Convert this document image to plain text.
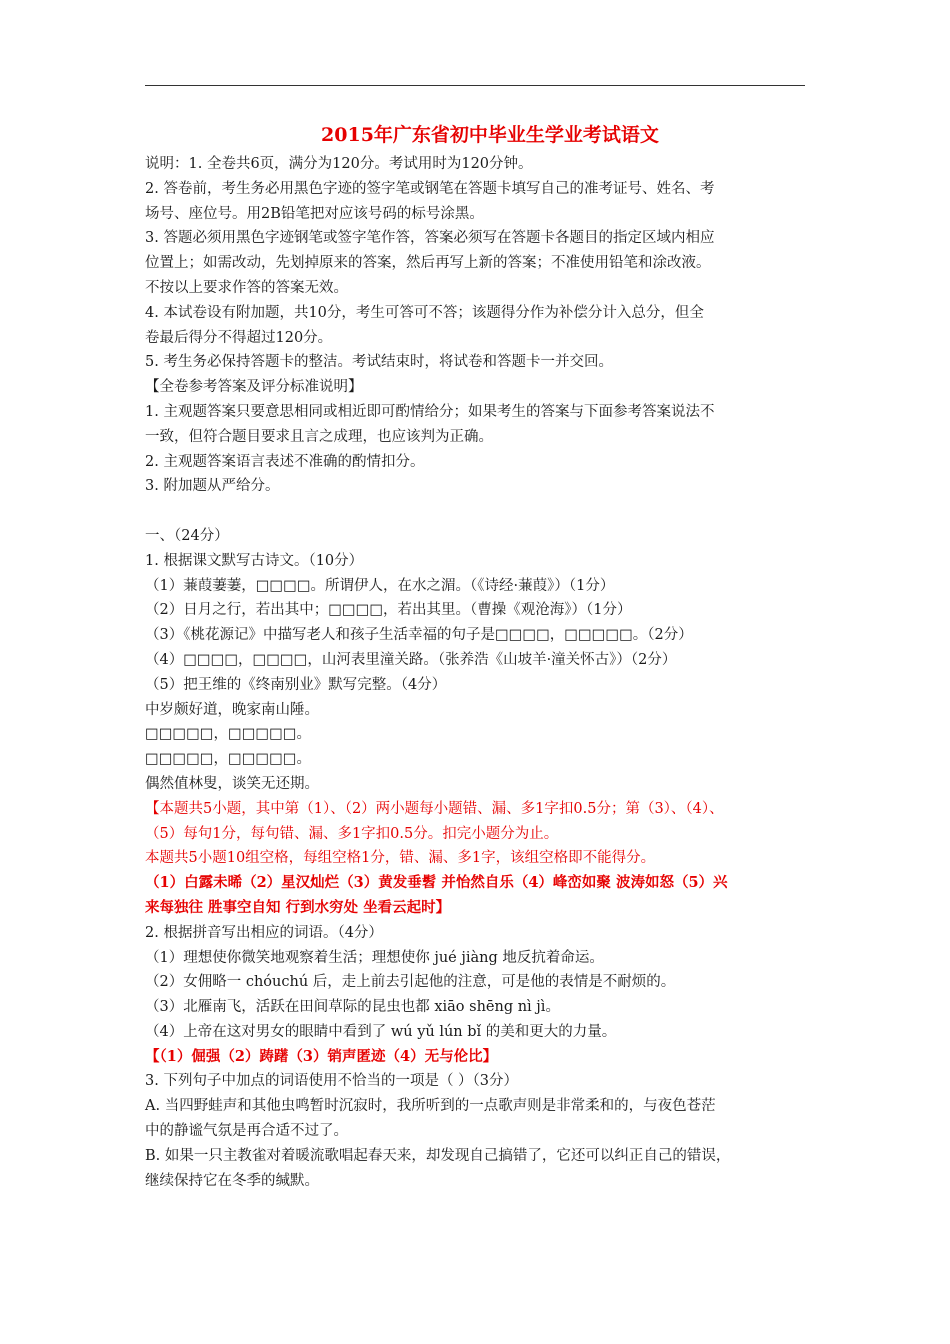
2015年广东省初中毕业生学业考试语文
说明：1. 全卷共6页，满分为120分。考试用时为120分钟。
2. 答卷前，考生务必用黑色字迹的签字笔或钢笔在答题卡填写自己的准考证号、姓名、考
场号、座位号。用2B铅笔把对应该号码的标号涂黑。
3. 答题必须用黑色字迹钢笔或签字笔作答，答案必须写在答题卡各题目的指定区域内相应
位置上；如需改动，先划掉原来的答案，然后再写上新的答案；不准使用铅笔和涂改液。
不按以上要求作答的答案无效。
4. 本试卷设有附加题，共10分，考生可答可不答；该题得分作为补偿分计入总分，但全
卷最后得分不得超过120分。
5. 考生务必保持答题卡的整洁。考试结束时，将试卷和答题卡一并交回。
【全卷参考答案及评分标准说明】
1. 主观题答案只要意思相同或相近即可酌情给分；如果考生的答案与下面参考答案说法不
一致，但符合题目要求且言之成理，也应该判为正确。
2. 主观题答案语言表述不准确的酌情扣分。
3. 附加题从严给分。
一、（24分）
1. 根据课文默写古诗文。（10分）
（1）蒹葭萋萋，□□□□。所谓伊人，在水之湄。（《诗经·蒹葭》）（1分）
（2）日月之行，若出其中；□□□□，若出其里。（曹操《观沧海》）（1分）
（3）《桃花源记》中描写老人和孩子生活幸福的句子是□□□□，□□□□□。（2分）
（4）□□□□，□□□□，山河表里潼关路。（张养浩《山坡羊·潼关怀古》）（2分）
（5）把王维的《终南别业》默写完整。（4分）
中岁颇好道，晚家南山陲。
□□□□□，□□□□□。
□□□□□，□□□□□。
偶然值林叟，谈笑无还期。
【本题共5小题，其中第（1）、（2）两小题每小题错、漏、多1字扣0.5分；第（3）、（4）、
（5）每句1分，每句错、漏、多1字扣0.5分。扣完小题分为止。
本题共5小题10组空格，每组空格1分，错、漏、多1字，该组空格即不能得分。
（1）白露未晞（2）星汉灿烂（3）黄发垂髫 并怡然自乐（4）峰峦如聚 波涛如怒（5）兴
来每独往 胜事空自知 行到水穷处 坐看云起时】
2. 根据拼音写出相应的词语。（4分）
（1）理想使你微笑地观察着生活；理想使你 jué jiàng 地反抗着命运。
（2）女佣略一 chóuchú 后，走上前去引起他的注意，可是他的表情是不耐烦的。
（3）北雁南飞，活跃在田间草际的昆虫也都 xiāo shēng nì jì。
（4）上帝在这对男女的眼睛中看到了 wú yǔ lún bǐ 的美和更大的力量。
【（1）倔强（2）踌躇（3）销声匿迹（4）无与伦比】
3. 下列句子中加点的词语使用不恰当的一项是（ ）（3分）
A. 当四野蛙声和其他虫鸣暂时沉寂时，我所听到的一点歌声则是非常柔和的，与夜色苍茫
中的静谧气氛是再合适不过了。
B. 如果一只主教雀对着暖流歌唱起春天来，却发现自己搞错了，它还可以纠正自己的错误，
继续保持它在冬季的缄默。
